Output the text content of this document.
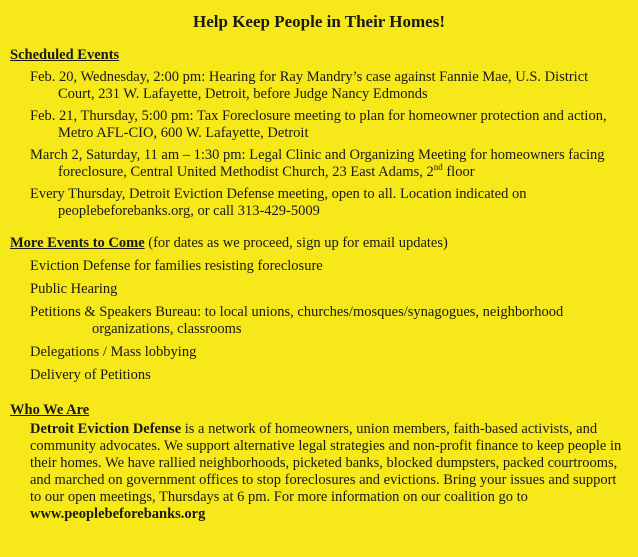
Help Keep People in Their Homes!
Scheduled Events
Feb. 20, Wednesday, 2:00 pm: Hearing for Ray Mandry’s case against Fannie Mae, U.S. District Court, 231 W. Lafayette, Detroit, before Judge Nancy Edmonds
Feb. 21, Thursday, 5:00 pm: Tax Foreclosure meeting to plan for homeowner protection and action, Metro AFL-CIO, 600 W. Lafayette, Detroit
March 2, Saturday, 11 am – 1:30 pm: Legal Clinic and Organizing Meeting for homeowners facing foreclosure, Central United Methodist Church, 23 East Adams, 2nd floor
Every Thursday, Detroit Eviction Defense meeting, open to all. Location indicated on peoplebeforebanks.org, or call 313-429-5009
More Events to Come (for dates as we proceed, sign up for email updates)
Eviction Defense for families resisting foreclosure
Public Hearing
Petitions & Speakers Bureau: to local unions, churches/mosques/synagogues, neighborhood organizations, classrooms
Delegations / Mass lobbying
Delivery of Petitions
Who We Are
Detroit Eviction Defense is a network of homeowners, union members, faith-based activists, and community advocates. We support alternative legal strategies and non-profit finance to keep people in their homes. We have rallied neighborhoods, picketed banks, blocked dumpsters, packed courtrooms, and marched on government offices to stop foreclosures and evictions. Bring your issues and support to our open meetings, Thursdays at 6 pm. For more information on our coalition go to www.peoplebeforebanks.org
